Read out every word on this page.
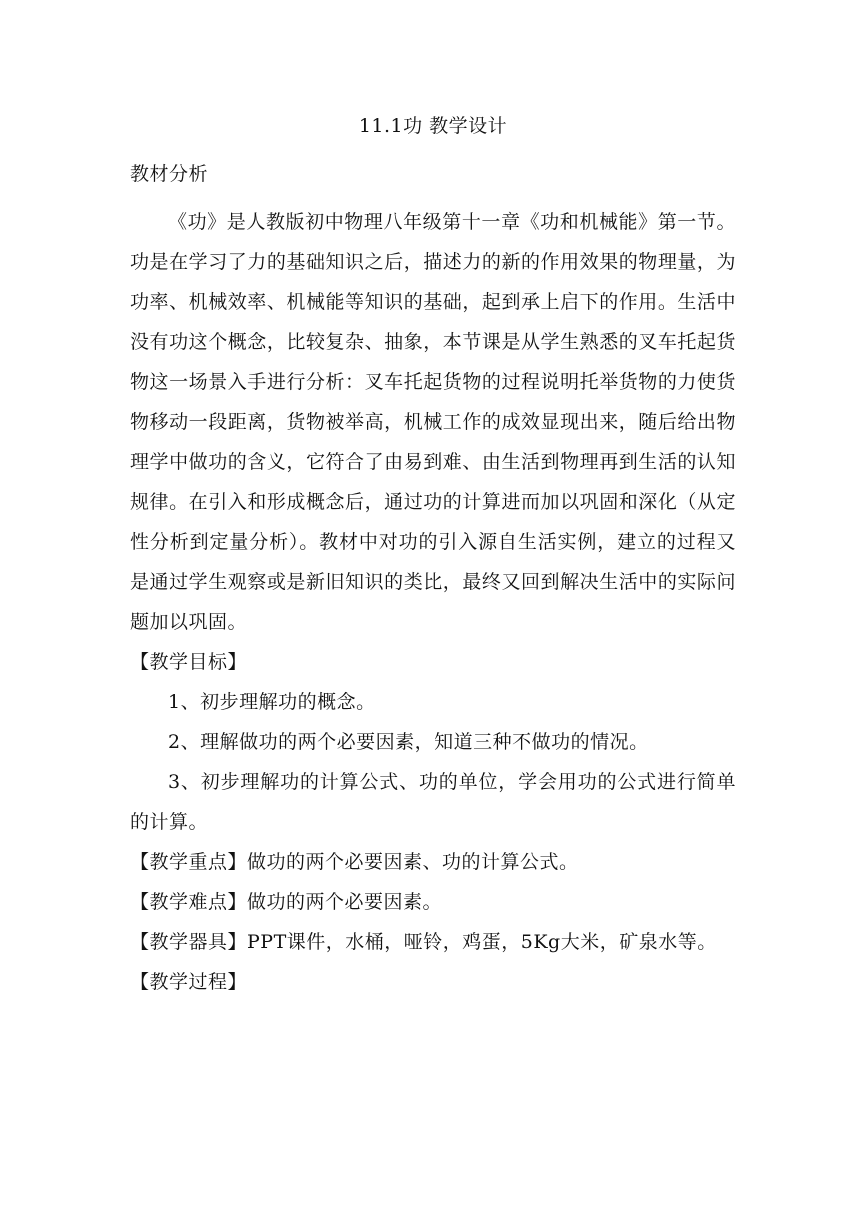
11.1功 教学设计
教材分析

《功》是人教版初中物理八年级第十一章《功和机械能》第一节。功是在学习了力的基础知识之后，描述力的新的作用效果的物理量，为功率、机械效率、机械能等知识的基础，起到承上启下的作用。生活中没有功这个概念，比较复杂、抽象，本节课是从学生熟悉的叉车托起货物这一场景入手进行分析：叉车托起货物的过程说明托举货物的力使货物移动一段距离，货物被举高，机械工作的成效显现出来，随后给出物理学中做功的含义，它符合了由易到难、由生活到物理再到生活的认知规律。在引入和形成概念后，通过功的计算进而加以巩固和深化（从定性分析到定量分析）。教材中对功的引入源自生活实例，建立的过程又是通过学生观察或是新旧知识的类比，最终又回到解决生活中的实际问题加以巩固。

【教学目标】
1、初步理解功的概念。
2、理解做功的两个必要因素，知道三种不做功的情况。
3、初步理解功的计算公式、功的单位，学会用功的公式进行简单的计算。
【教学重点】做功的两个必要因素、功的计算公式。
【教学难点】做功的两个必要因素。
【教学器具】PPT课件，水桶，哑铃，鸡蛋，5Kg大米，矿泉水等。
【教学过程】
